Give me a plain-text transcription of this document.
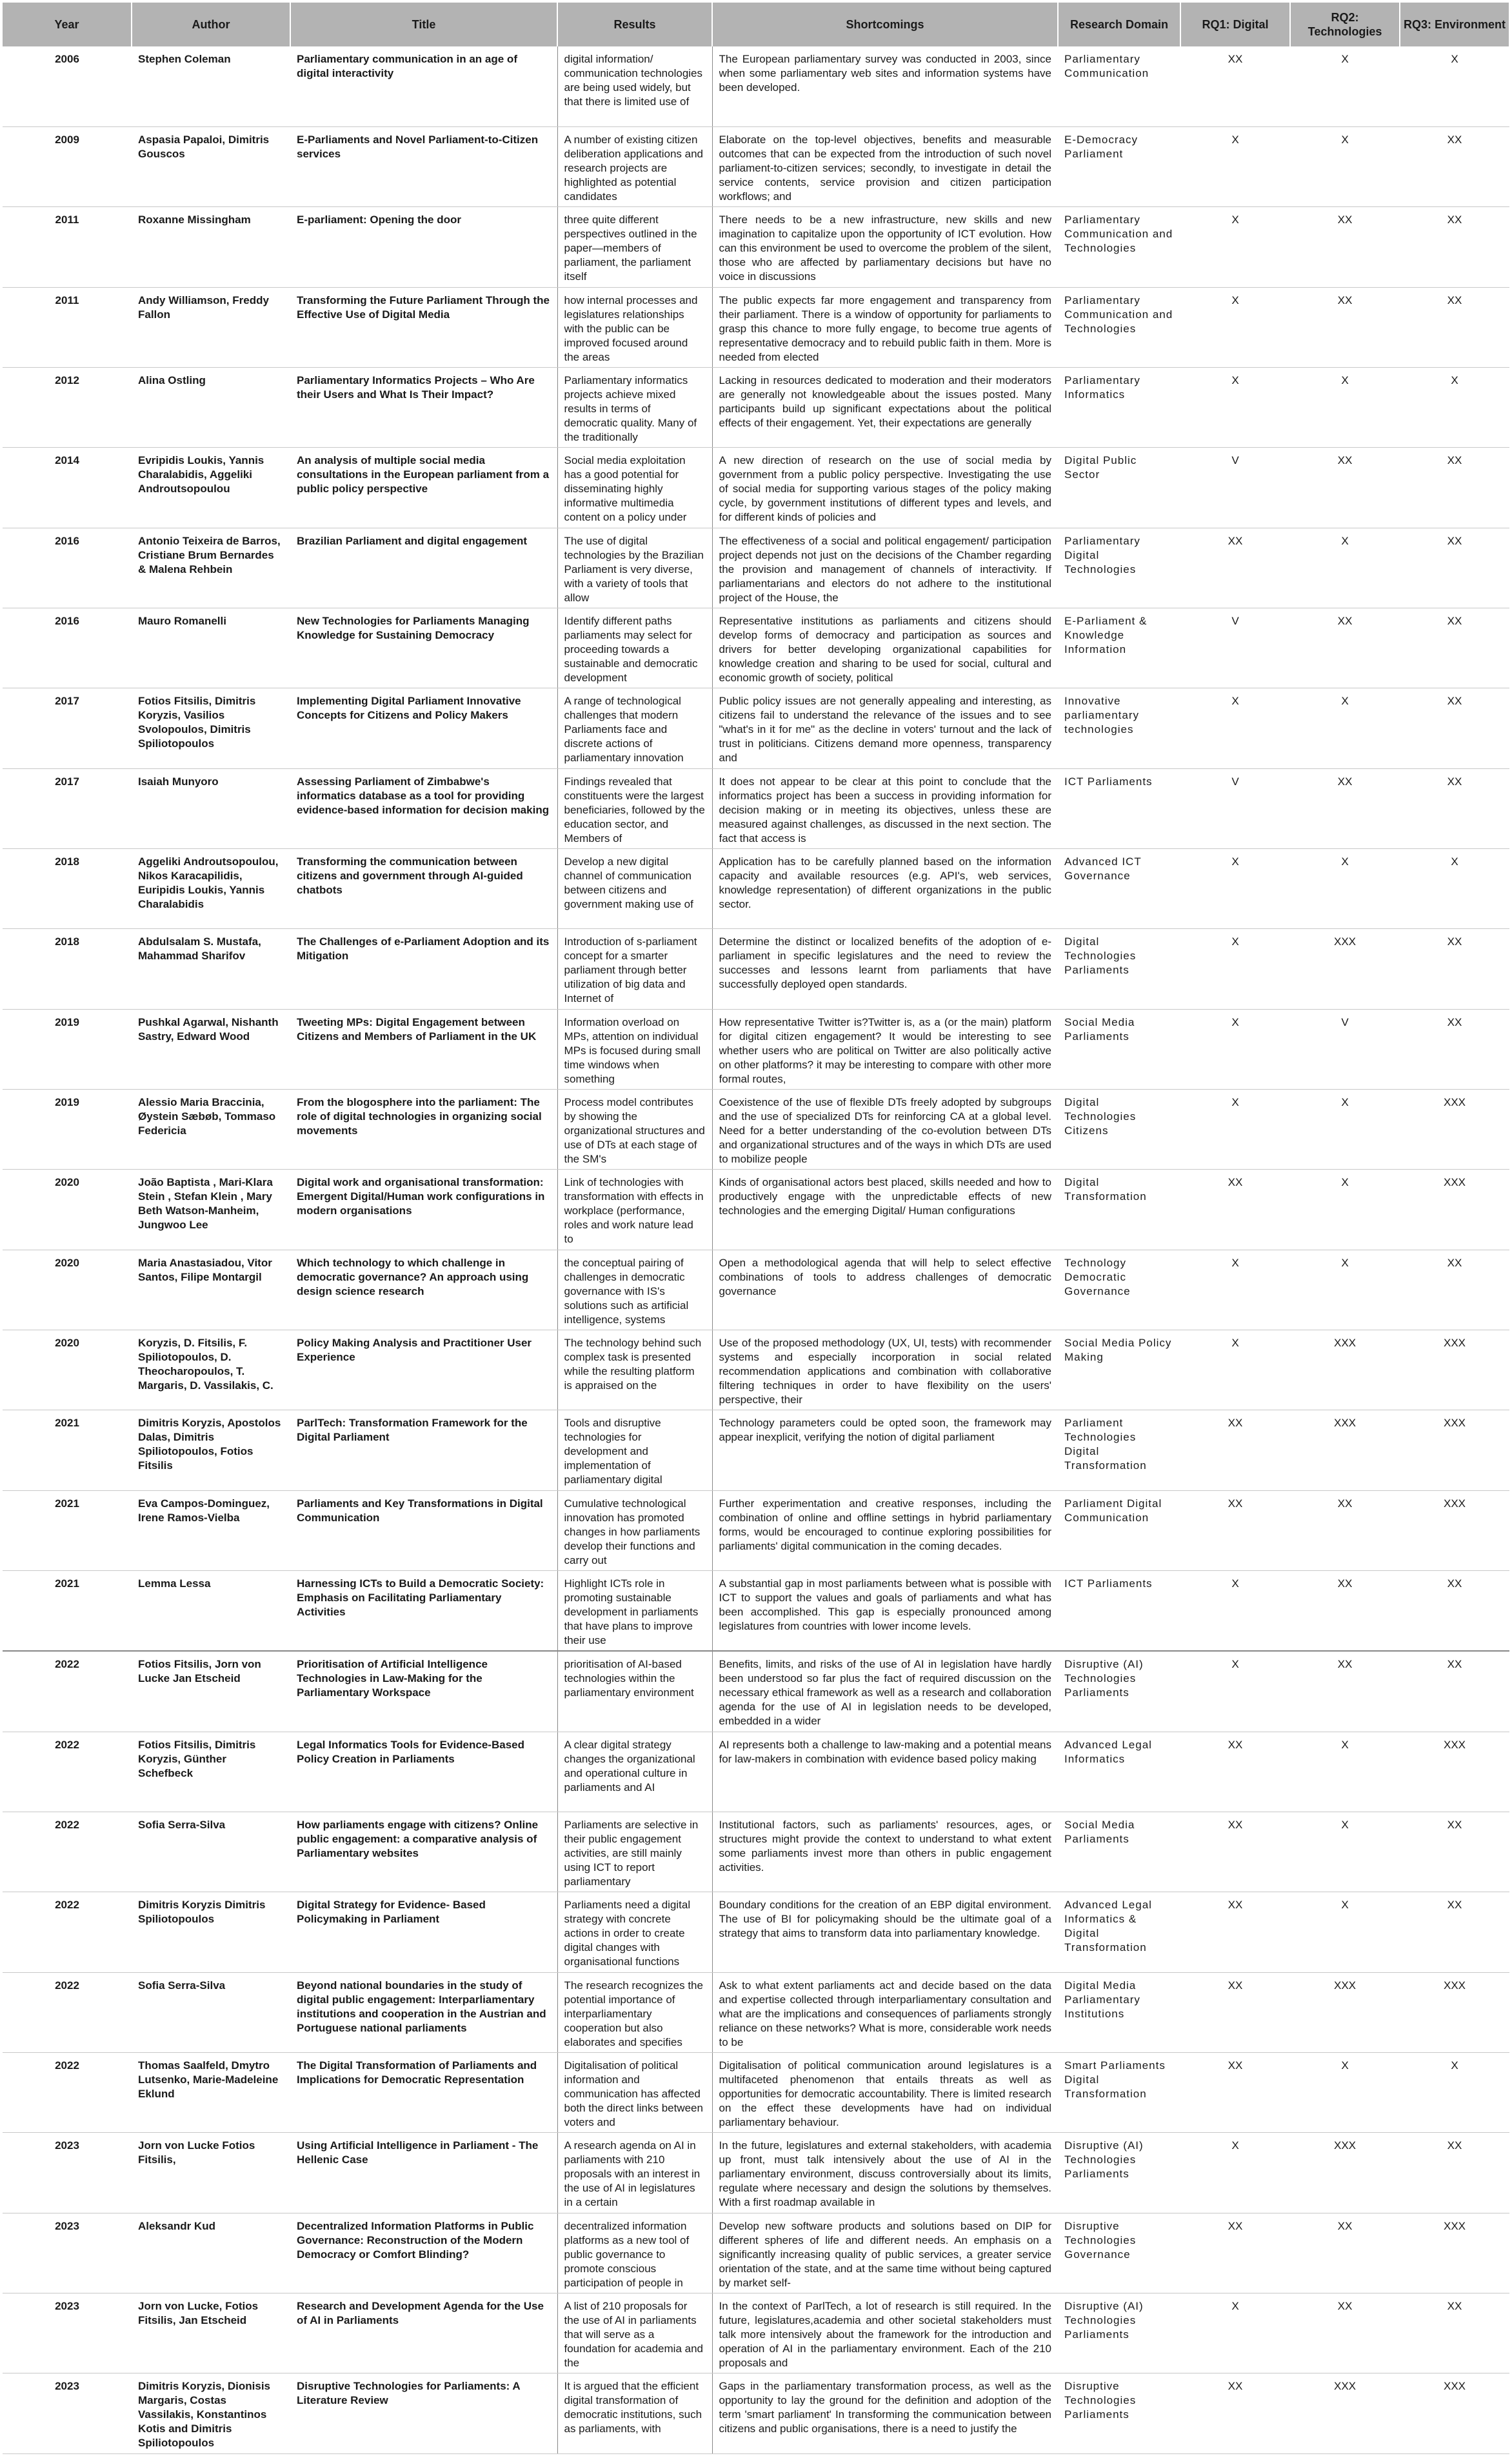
Year	Author	Title	Results	Shortcomings	Research Domain	RQ1: Digital	RQ2: Technologies	RQ3: Environment

2006	Stephen Coleman	Parliamentary communication in an age of digital interactivity	digital information/ communication technologies are being used widely, but that there is limited use of	The European parliamentary survey was conducted in 2003, since when some parliamentary web sites and information systems have been developed.	Parliamentary Communication	XX	X	X

2009	Aspasia Papaloi, Dimitris Gouscos	E-Parliaments and Novel Parliament-to-Citizen services	A number of existing citizen deliberation applications and research projects are highlighted as potential candidates	Elaborate on the top-level objectives, benefits and measurable outcomes that can be expected from the introduction of such novel parliament-to-citizen services; secondly, to investigate in detail the service contents, service provision and citizen participation workflows; and	E-Democracy Parliament	X	X	XX

2011	Roxanne Missingham	E-parliament: Opening the door	three quite different perspectives outlined in the paper—members of parliament, the parliament itself	There needs to be a new infrastructure, new skills and new imagination to capitalize upon the opportunity of ICT evolution. How can this environment be used to overcome the problem of the silent, those who are affected by parliamentary decisions but have no voice in discussions	Parliamentary Communication and Technologies	X	XX	XX

2011	Andy Williamson, Freddy Fallon	Transforming the Future Parliament Through the Effective Use of Digital Media	how internal processes and legislatures relationships with the public can be improved focused around the areas	The public expects far more engagement and transparency from their parliament. There is a window of opportunity for parliaments to grasp this chance to more fully engage, to become true agents of representative democracy and to rebuild public faith in them. More is needed from elected	Parliamentary Communication and Technologies	X	XX	XX

2012	Alina Ostling	Parliamentary Informatics Projects – Who Are their Users and What Is Their Impact?	Parliamentary informatics projects achieve mixed results in terms of democratic quality. Many of the traditionally	Lacking in resources dedicated to moderation and their moderators are generally not knowledgeable about the issues posted. Many participants build up significant expectations about the political effects of their engagement. Yet, their expectations are generally	Parliamentary Informatics	X	X	X

2014	Evripidis Loukis, Yannis Charalabidis, Aggeliki Androutsopoulou	An analysis of multiple social media consultations in the European parliament from a public policy perspective	Social media exploitation has a good potential for disseminating highly informative multimedia content on a policy under	A new direction of research on the use of social media by government from a public policy perspective. Investigating the use of social media for supporting various stages of the policy making cycle, by government institutions of different types and levels, and for different kinds of policies and	Digital Public Sector	V	XX	XX

2016	Antonio Teixeira de Barros, Cristiane Brum Bernardes & Malena Rehbein	Brazilian Parliament and digital engagement	The use of digital technologies by the Brazilian Parliament is very diverse, with a variety of tools that allow	The effectiveness of a social and political engagement/ participation project depends not just on the decisions of the Chamber regarding the provision and management of channels of interactivity. If parliamentarians and electors do not adhere to the institutional project of the House, the	Parliamentary Digital Technologies	XX	X	XX

2016	Mauro Romanelli	New Technologies for Parliaments Managing Knowledge for Sustaining Democracy	Identify different paths parliaments may select for proceeding towards a sustainable and democratic development	Representative institutions as parliaments and citizens should develop forms of democracy and participation as sources and drivers for better developing organizational capabilities for knowledge creation and sharing to be used for social, cultural and economic growth of society, political	E-Parliament & Knowledge Information	V	XX	XX

2017	Fotios Fitsilis, Dimitris Koryzis, Vasilios Svolopoulos, Dimitris Spiliotopoulos	Implementing Digital Parliament Innovative Concepts for Citizens and Policy Makers	A range of technological challenges that modern Parliaments face and discrete actions of parliamentary innovation	Public policy issues are not generally appealing and interesting, as citizens fail to understand the relevance of the issues and to see "what's in it for me" as the decline in voters' turnout and the lack of trust in politicians. Citizens demand more openness, transparency and	Innovative parliamentary technologies	X	X	XX

2017	Isaiah Munyoro	Assessing Parliament of Zimbabwe's informatics database as a tool for providing evidence-based information for decision making	Findings revealed that constituents were the largest beneficiaries, followed by the education sector, and Members of	It does not appear to be clear at this point to conclude that the informatics project has been a success in providing information for decision making or in meeting its objectives, unless these are measured against challenges, as discussed in the next section. The fact that access is	ICT Parliaments	V	XX	XX

2018	Aggeliki Androutsopoulou, Nikos Karacapilidis, Euripidis Loukis, Yannis Charalabidis	Transforming the communication between citizens and government through AI-guided chatbots	Develop a new digital channel of communication between citizens and government making use of	Application has to be carefully planned based on the information capacity and available resources (e.g. API's, web services, knowledge representation) of different organizations in the public sector.	Advanced ICT Governance	X	X	X

2018	Abdulsalam S. Mustafa, Mahammad Sharifov	The Challenges of e-Parliament Adoption and its Mitigation	Introduction of s-parliament concept for a smarter parliament through better utilization of big data and Internet of	Determine the distinct or localized benefits of the adoption of e-parliament in specific legislatures and the need to review the successes and lessons learnt from parliaments that have successfully deployed open standards.	Digital Technologies Parliaments	X	XXX	XX

2019	Pushkal Agarwal, Nishanth Sastry, Edward Wood	Tweeting MPs: Digital Engagement between Citizens and Members of Parliament in the UK	Information overload on MPs, attention on individual MPs is focused during small time windows when something	How representative Twitter is?Twitter is, as a (or the main) platform for digital citizen engagement? It would be interesting to see whether users who are political on Twitter are also politically active on other platforms? it may be interesting to compare with other more formal routes,	Social Media Parliaments	X	V	XX

2019	Alessio Maria Braccinia, Øystein Sæbøb, Tommaso Federicia	From the blogosphere into the parliament: The role of digital technologies in organizing social movements	Process model contributes by showing the organizational structures and use of DTs at each stage of the SM's	Coexistence of the use of flexible DTs freely adopted by subgroups and the use of specialized DTs for reinforcing CA at a global level. Need for a better understanding of the co-evolution between DTs and organizational structures and of the ways in which DTs are used to mobilize people	Digital Technologies Citizens	X	X	XXX

2020	João Baptista , Mari-Klara Stein , Stefan Klein , Mary Beth Watson-Manheim, Jungwoo Lee	Digital work and organisational transformation: Emergent Digital/Human work configurations in modern organisations	Link of technologies with transformation with effects in workplace (performance, roles and work nature lead to	Kinds of organisational actors best placed, skills needed and how to productively engage with the unpredictable effects of new technologies and the emerging Digital/ Human configurations	Digital Transformation	XX	X	XXX

2020	Maria Anastasiadou, Vitor Santos, Filipe Montargil	Which technology to which challenge in democratic governance? An approach using design science research	the conceptual pairing of challenges in democratic governance with IS's solutions such as artificial intelligence, systems	Open a methodological agenda that will help to select effective combinations of tools to address challenges of democratic governance	Technology Democratic Governance	X	X	XX

2020	Koryzis, D. Fitsilis, F. Spiliotopoulos, D. Theocharopoulos, T. Margaris, D. Vassilakis, C.	Policy Making Analysis and Practitioner User Experience	The technology behind such complex task is presented while the resulting platform is appraised on the	Use of the proposed methodology (UX, UI, tests) with recommender systems and especially incorporation in social related recommendation applications and combination with collaborative filtering techniques in order to have flexibility on the users' perspective, their	Social Media Policy Making	X	XXX	XXX

2021	Dimitris Koryzis, Apostolos Dalas, Dimitris Spiliotopoulos, Fotios Fitsilis	ParlTech: Transformation Framework for the Digital Parliament	Tools and disruptive technologies for development and implementation of parliamentary digital	Technology parameters could be opted soon, the framework may appear inexplicit, verifying the notion of digital parliament	Parliament Technologies Digital Transformation	XX	XXX	XXX

2021	Eva Campos-Dominguez, Irene Ramos-Vielba	Parliaments and Key Transformations in Digital Communication	Cumulative technological innovation has promoted changes in how parliaments develop their functions and carry out	Further experimentation and creative responses, including the combination of online and offline settings in hybrid parliamentary forms, would be encouraged to continue exploring possibilities for parliaments' digital communication in the coming decades.	Parliament Digital Communication	XX	XX	XXX

2021	Lemma Lessa	Harnessing ICTs to Build a Democratic Society: Emphasis on Facilitating Parliamentary Activities	Highlight ICTs role in promoting sustainable development in parliaments that have plans to improve their use	A substantial gap in most parliaments between what is possible with ICT to support the values and goals of parliaments and what has been accomplished. This gap is especially pronounced among legislatures from countries with lower income levels.	ICT Parliaments	X	XX	XX

2022	Fotios Fitsilis, Jorn von Lucke Jan Etscheid	Prioritisation of Artificial Intelligence Technologies in Law-Making for the Parliamentary Workspace	prioritisation of AI-based technologies within the parliamentary environment	Benefits, limits, and risks of the use of AI in legislation have hardly been understood so far plus the fact of required discussion on the necessary ethical framework as well as a research and collaboration agenda for the use of AI in legislation needs to be developed, embedded in a wider	Disruptive (AI) Technologies Parliaments	X	XX	XX

2022	Fotios Fitsilis, Dimitris Koryzis, Günther Schefbeck	Legal Informatics Tools for Evidence-Based Policy Creation in Parliaments	A clear digital strategy changes the organizational and operational culture in parliaments and AI	AI represents both a challenge to law-making and a potential means for law-makers in combination with evidence based policy making	Advanced Legal Informatics	XX	X	XXX

2022	Sofia Serra-Silva	How parliaments engage with citizens? Online public engagement: a comparative analysis of Parliamentary websites	Parliaments are selective in their public engagement activities, are still mainly using ICT to report parliamentary	Institutional factors, such as parliaments' resources, ages, or structures might provide the context to understand to what extent some parliaments invest more than others in public engagement activities.	Social Media Parliaments	XX	X	XX

2022	Dimitris Koryzis Dimitris Spiliotopoulos	Digital Strategy for Evidence- Based Policymaking in Parliament	Parliaments need a digital strategy with concrete actions in order to create digital changes with organisational functions	Boundary conditions for the creation of an EBP digital environment. The use of BI for policymaking should be the ultimate goal of a strategy that aims to transform data into parliamentary knowledge.	Advanced Legal Informatics & Digital Transformation	XX	X	XX

2022	Sofia Serra-Silva	Beyond national boundaries in the study of digital public engagement: Interparliamentary institutions and cooperation in the Austrian and Portuguese national parliaments	The research recognizes the potential importance of interparliamentary cooperation but also elaborates and specifies	Ask to what extent parliaments act and decide based on the data and expertise collected through interparliamentary consultation and what are the implications and consequences of parliaments strongly reliance on these networks? What is more, considerable work needs to be	Digital Media Parliamentary Institutions	XX	XXX	XXX

2022	Thomas Saalfeld, Dmytro Lutsenko, Marie-Madeleine Eklund	The Digital Transformation of Parliaments and Implications for Democratic Representation	Digitalisation of political information and communication has affected both the direct links between voters and	Digitalisation of political communication around legislatures is a multifaceted phenomenon that entails threats as well as opportunities for democratic accountability. There is limited research on the effect these developments have had on individual parliamentary behaviour.	Smart Parliaments Digital Transformation	XX	X	X

2023	Jorn von Lucke Fotios Fitsilis,	Using Artificial Intelligence in Parliament - The Hellenic Case	A research agenda on AI in parliaments with 210 proposals with an interest in the use of AI in legislatures in a certain	In the future, legislatures and external stakeholders, with academia up front, must talk intensively about the use of AI in the parliamentary environment, discuss controversially about its limits, regulate where necessary and design the solutions by themselves. With a first roadmap available in	Disruptive (AI) Technologies Parliaments	X	XXX	XX

2023	Aleksandr Kud	Decentralized Information Platforms in Public Governance: Reconstruction of the Modern Democracy or Comfort Blinding?	decentralized information platforms as a new tool of public governance to promote conscious participation of people in	Develop new software products and solutions based on DIP for different spheres of life and different needs. An emphasis on a significantly increasing quality of public services, a greater service orientation of the state, and at the same time without being captured by market self-	Disruptive Technologies Governance	XX	XX	XXX

2023	Jorn von Lucke, Fotios Fitsilis, Jan Etscheid	Research and Development Agenda for the Use of AI in Parliaments	A list of 210 proposals for the use of AI in parliaments that will serve as a foundation for academia and the	In the context of ParlTech, a lot of research is still required. In the future, legislatures,academia and other societal stakeholders must talk more intensively about the framework for the introduction and operation of AI in the parliamentary environment. Each of the 210 proposals and	Disruptive (AI) Technologies Parliaments	X	XX	XX

2023	Dimitris Koryzis, Dionisis Margaris, Costas Vassilakis, Konstantinos Kotis and Dimitris Spiliotopoulos	Disruptive Technologies for Parliaments: A Literature Review	It is argued that the efficient digital transformation of democratic institutions, such as parliaments, with	Gaps in the parliamentary transformation process, as well as the opportunity to lay the ground for the definition and adoption of the term 'smart parliament' In transforming the communication between citizens and public organisations, there is a need to justify the	Disruptive Technologies Parliaments	XX	XXX	XXX
